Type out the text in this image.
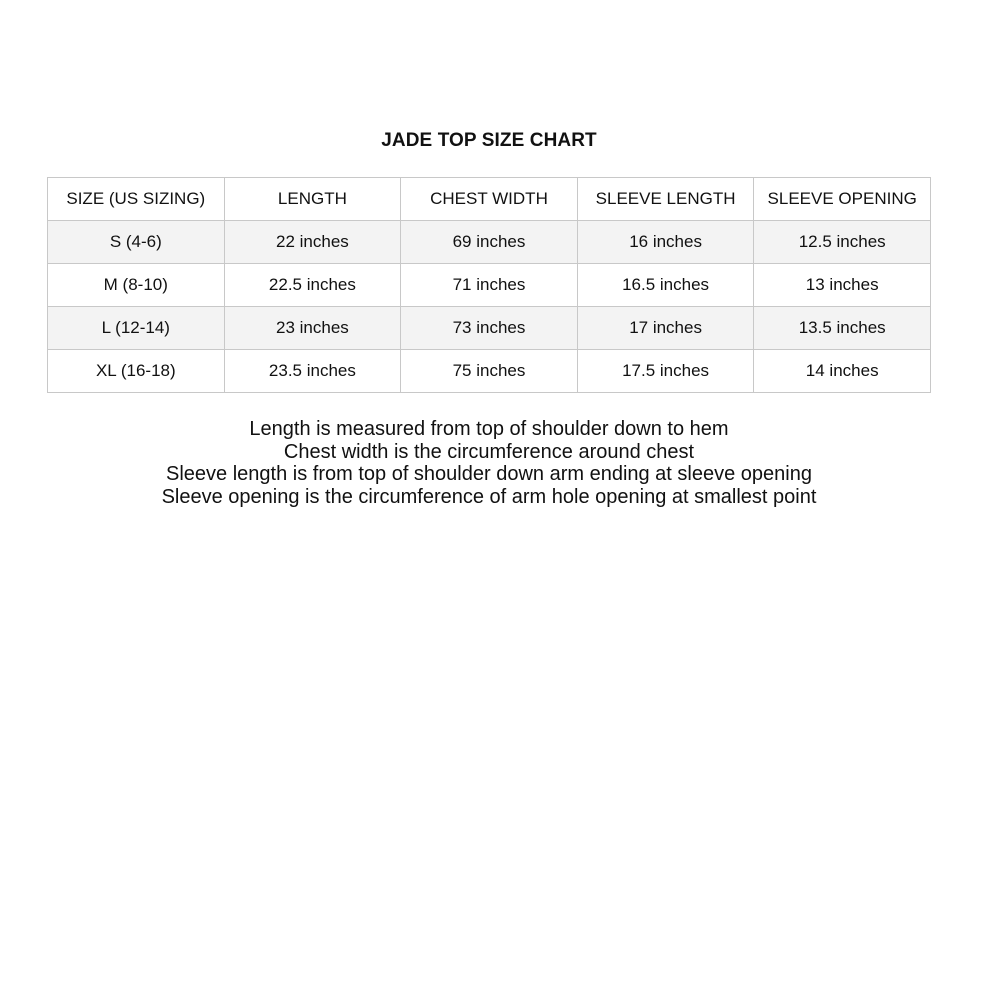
JADE TOP SIZE CHART
SIZE (US SIZING)	LENGTH	CHEST WIDTH	SLEEVE LENGTH	SLEEVE OPENING
S (4-6)	22 inches	69 inches	16 inches	12.5 inches
M (8-10)	22.5 inches	71 inches	16.5 inches	13 inches
L (12-14)	23 inches	73 inches	17 inches	13.5 inches
XL (16-18)	23.5 inches	75 inches	17.5 inches	14 inches
Length is measured from top of shoulder down to hem
Chest width is the circumference around chest
Sleeve length is from top of shoulder down arm ending at sleeve opening
Sleeve opening is the circumference of arm hole opening at smallest point
